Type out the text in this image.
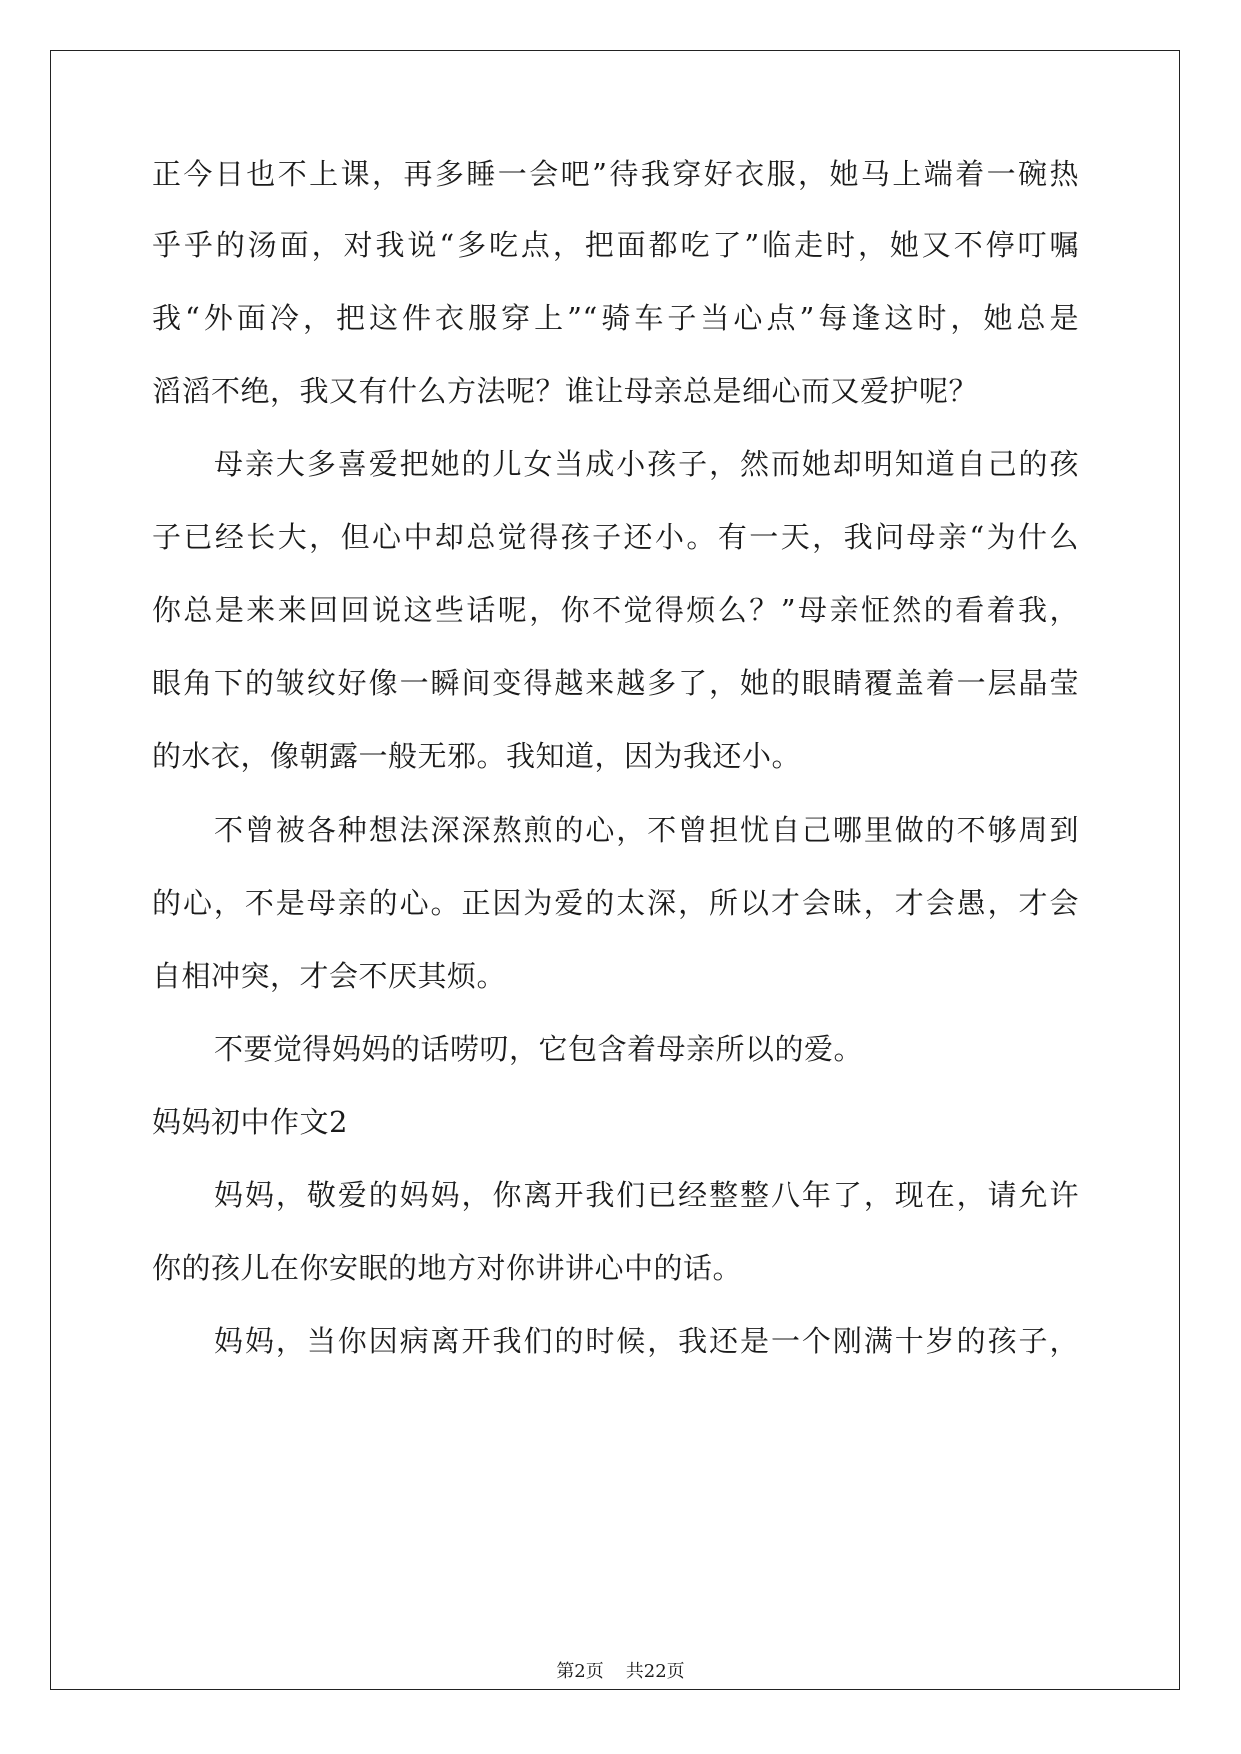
正今日也不上课，再多睡一会吧”待我穿好衣服，她马上端着一碗热
乎乎的汤面，对我说“多吃点，把面都吃了”临走时，她又不停叮嘱
我“外面冷，把这件衣服穿上”“骑车子当心点”每逢这时，她总是
滔滔不绝，我又有什么方法呢？谁让母亲总是细心而又爱护呢？
母亲大多喜爱把她的儿女当成小孩子，然而她却明知道自己的孩
子已经长大，但心中却总觉得孩子还小。有一天，我问母亲“为什么
你总是来来回回说这些话呢，你不觉得烦么？”母亲怔然的看着我，
眼角下的皱纹好像一瞬间变得越来越多了，她的眼睛覆盖着一层晶莹
的水衣，像朝露一般无邪。我知道，因为我还小。
不曾被各种想法深深熬煎的心，不曾担忧自己哪里做的不够周到
的心，不是母亲的心。正因为爱的太深，所以才会昧，才会愚，才会
自相冲突，才会不厌其烦。
不要觉得妈妈的话唠叨，它包含着母亲所以的爱。
妈妈初中作文2
妈妈，敬爱的妈妈，你离开我们已经整整八年了，现在，请允许
你的孩儿在你安眠的地方对你讲讲心中的话。
妈妈，当你因病离开我们的时候，我还是一个刚满十岁的孩子，
第2页 共22页
